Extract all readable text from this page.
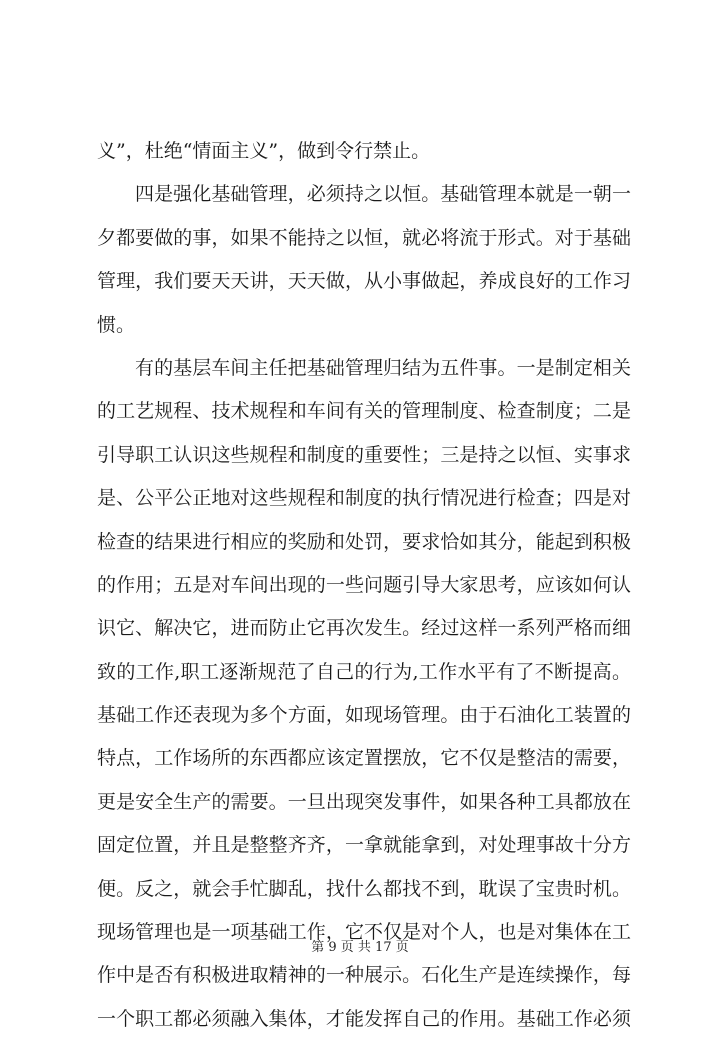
义”，杜绝“情面主义”，做到令行禁止。
四是强化基础管理，必须持之以恒。基础管理本就是一朝一
夕都要做的事，如果不能持之以恒，就必将流于形式。对于基础
管理，我们要天天讲，天天做，从小事做起，养成良好的工作习
惯。
有的基层车间主任把基础管理归结为五件事。一是制定相关
的工艺规程、技术规程和车间有关的管理制度、检查制度；二是
引导职工认识这些规程和制度的重要性；三是持之以恒、实事求
是、公平公正地对这些规程和制度的执行情况进行检查；四是对
检查的结果进行相应的奖励和处罚，要求恰如其分，能起到积极
的作用；五是对车间出现的一些问题引导大家思考，应该如何认
识它、解决它，进而防止它再次发生。经过这样一系列严格而细
致的工作,职工逐渐规范了自己的行为,工作水平有了不断提高。
基础工作还表现为多个方面，如现场管理。由于石油化工装置的
特点，工作场所的东西都应该定置摆放，它不仅是整洁的需要，
更是安全生产的需要。一旦出现突发事件，如果各种工具都放在
固定位置，并且是整整齐齐，一拿就能拿到，对处理事故十分方
便。反之，就会手忙脚乱，找什么都找不到，耽误了宝贵时机。
现场管理也是一项基础工作，它不仅是对个人，也是对集体在工
作中是否有积极进取精神的一种展示。石化生产是连续操作，每
一个职工都必须融入集体，才能发挥自己的作用。基础工作必须
第 9 页 共 17 页
